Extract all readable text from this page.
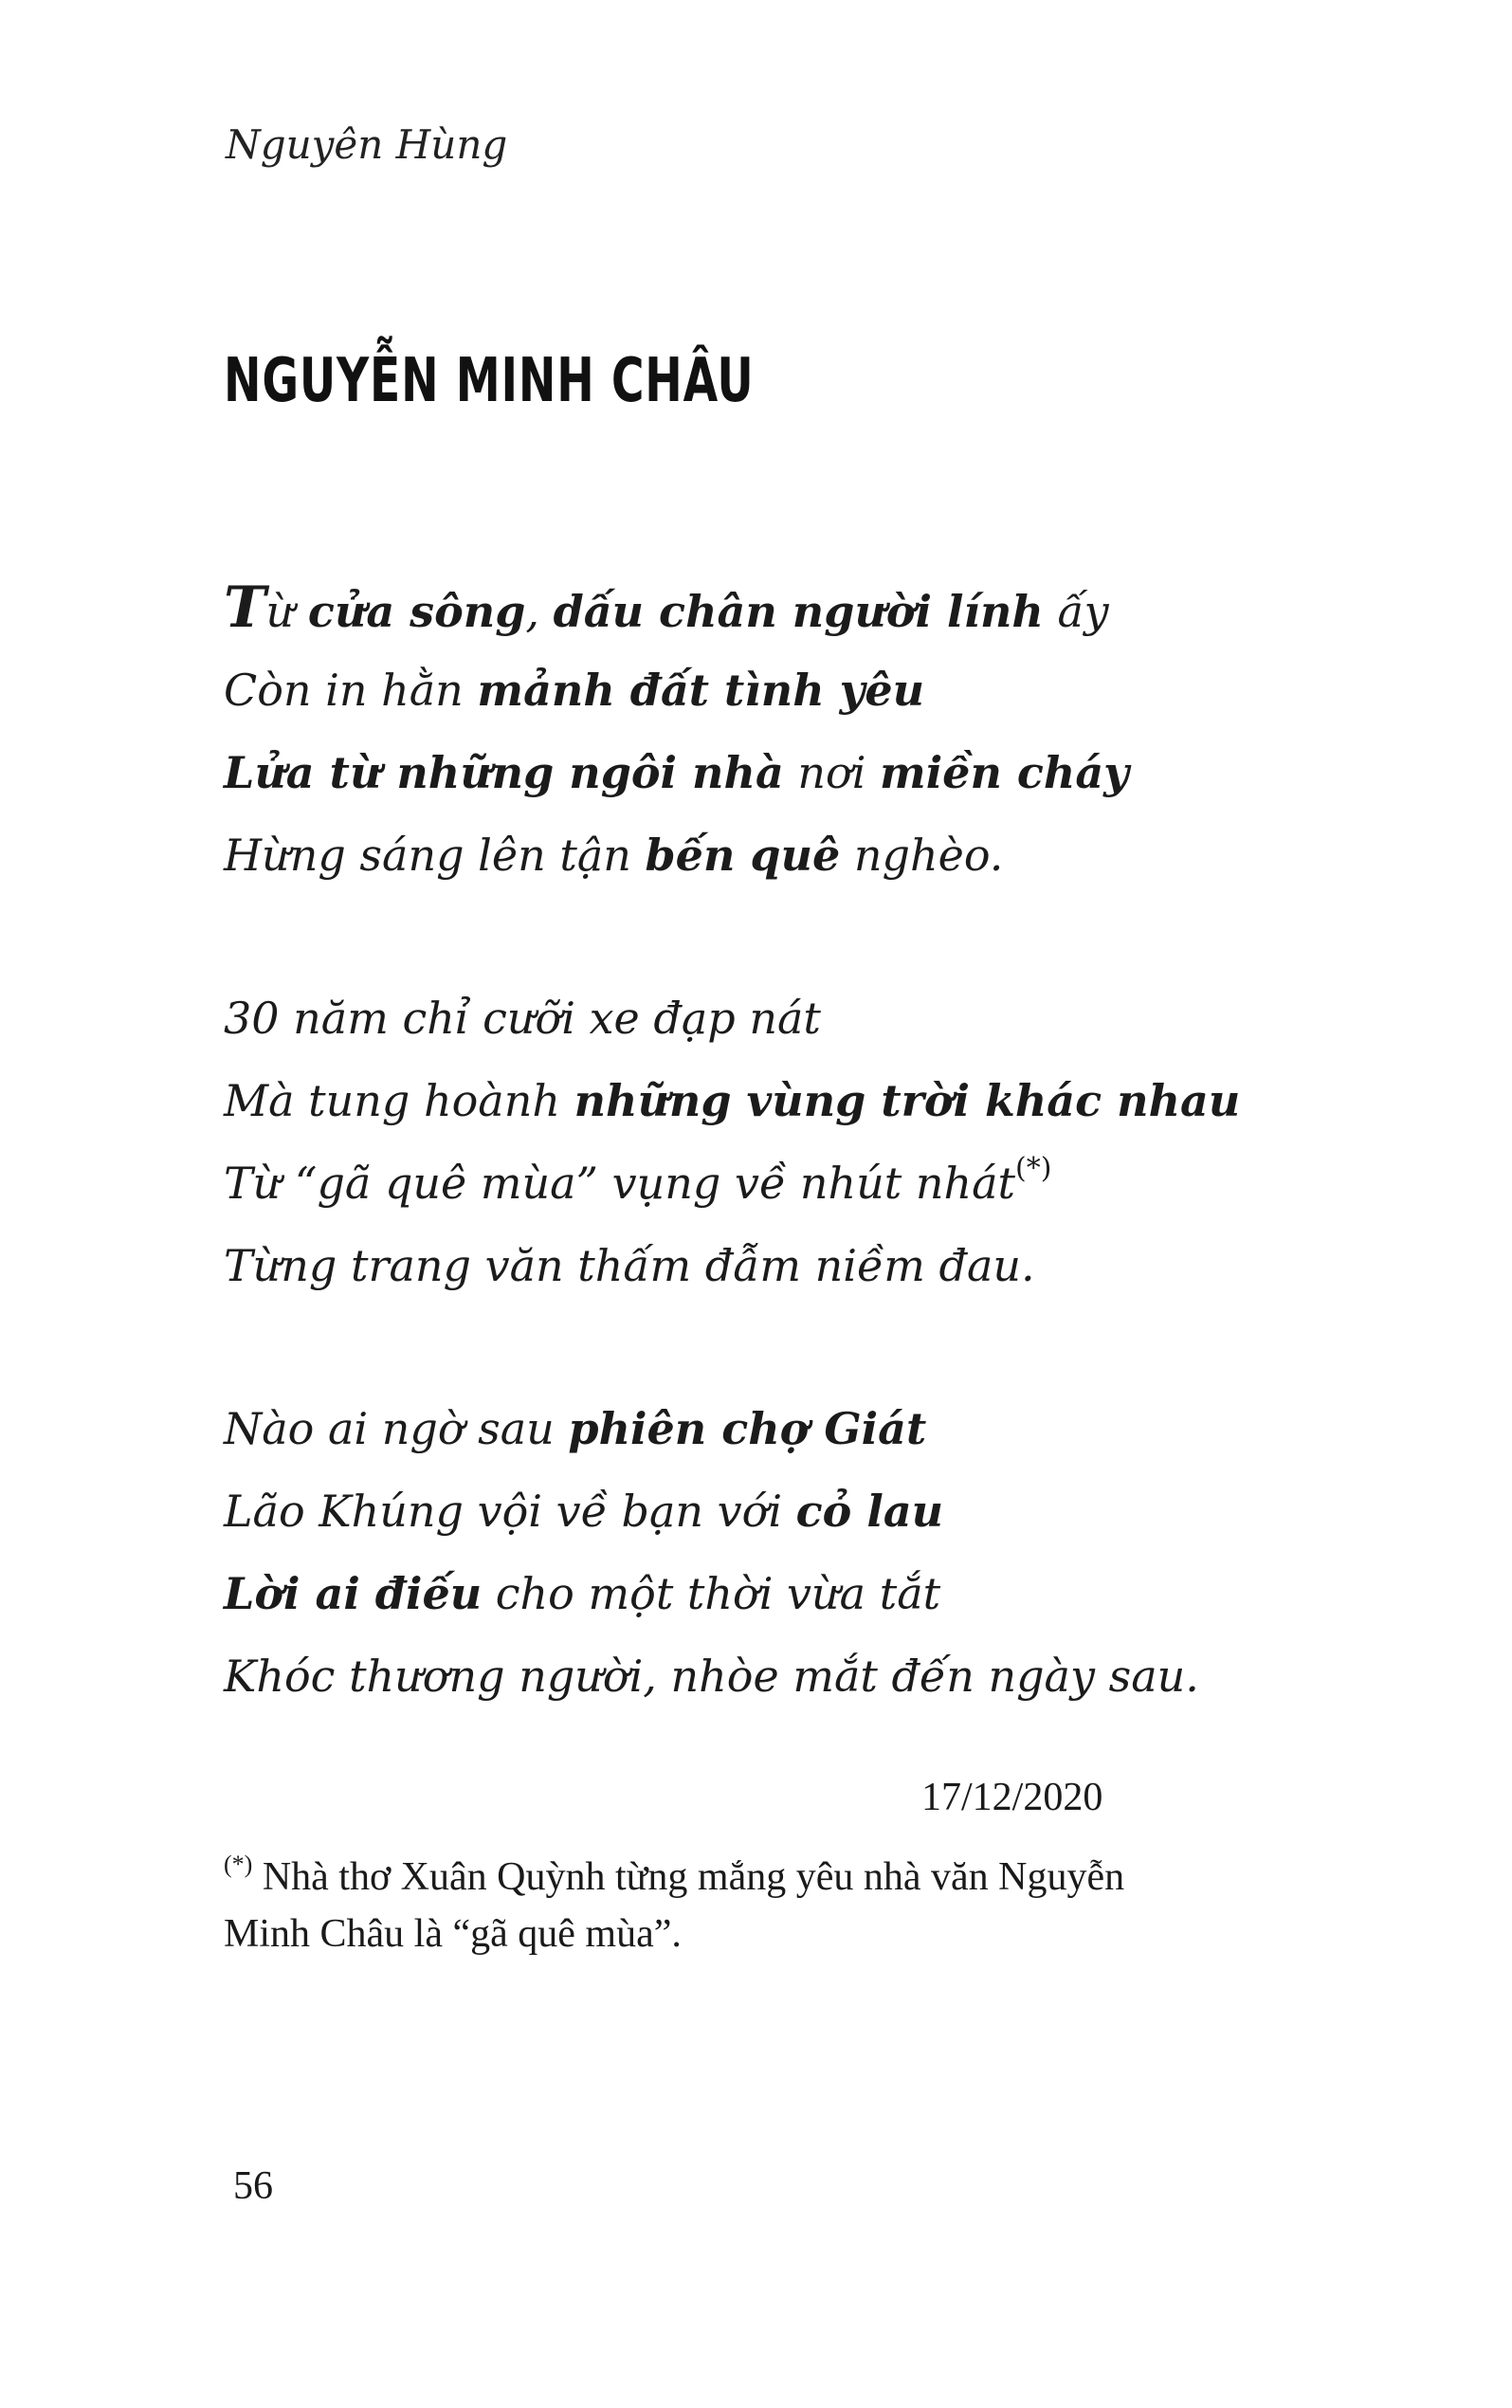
Nguyên Hùng
NGUYỄN MINH CHÂU
Từ cửa sông, dấu chân người lính ấy
Còn in hằn mảnh đất tình yêu
Lửa từ những ngôi nhà nơi miền cháy
Hừng sáng lên tận bến quê nghèo.
30 năm chỉ cưỡi xe đạp nát
Mà tung hoành những vùng trời khác nhau
Từ “gã quê mùa” vụng về nhút nhát(*)
Từng trang văn thấm đẫm niềm đau.
Nào ai ngờ sau phiên chợ Giát
Lão Khúng vội về bạn với cỏ lau
Lời ai điếu cho một thời vừa tắt
Khóc thương người, nhòe mắt đến ngày sau.
17/12/2020
(*) Nhà thơ Xuân Quỳnh từng mắng yêu nhà văn Nguyễn
Minh Châu là “gã quê mùa”.
56
